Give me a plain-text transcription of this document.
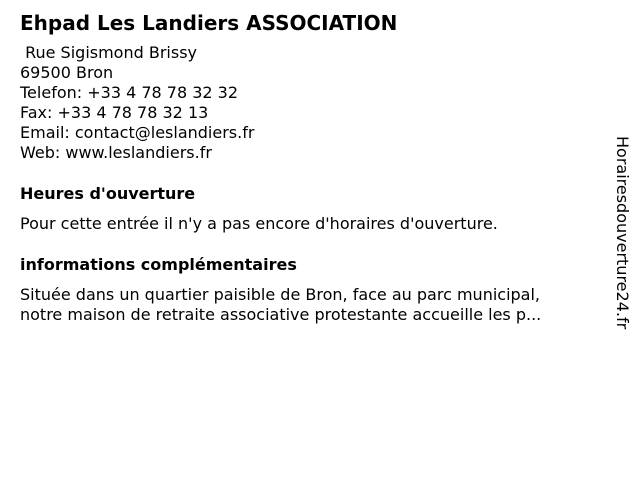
Ehpad Les Landiers ASSOCIATION
Rue Sigismond Brissy
69500 Bron
Telefon: +33 4 78 78 32 32
Fax: +33 4 78 78 32 13
Email: contact@leslandiers.fr
Web: www.leslandiers.fr
Heures d'ouverture
Pour cette entrée il n'y a pas encore d'horaires d'ouverture.
informations complémentaires
Située dans un quartier paisible de Bron, face au parc municipal,
notre maison de retraite associative protestante accueille les p...	Horairesdouverture24.fr
